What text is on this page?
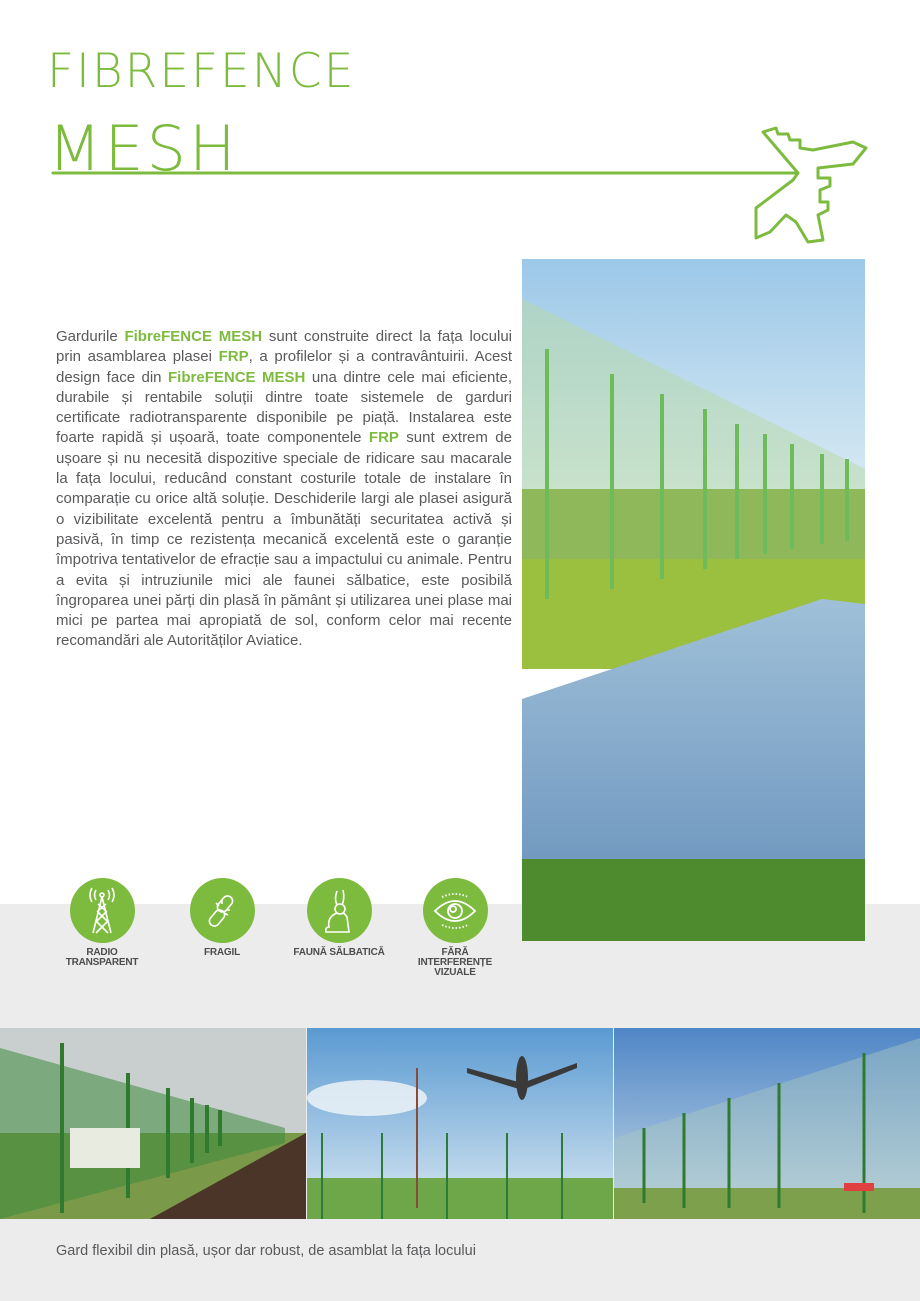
FIBREFENCE
MESH
Gardurile FibreFENCE MESH sunt construite direct la fața locului prin asamblarea plasei FRP, a profilelor și a contravântuirii. Acest design face din FibreFENCE MESH una dintre cele mai eficiente, durabile și rentabile soluții dintre toate sistemele de garduri certificate radiotransparente disponibile pe piață. Instalarea este foarte rapidă și ușoară, toate componentele FRP sunt extrem de ușoare și nu necesită dispozitive speciale de ridicare sau macarale la fața locului, reducând constant costurile totale de instalare în comparație cu orice altă soluție. Deschiderile largi ale plasei asigură o vizibilitate excelentă pentru a îmbunătăți securitatea activă și pasivă, în timp ce rezistența mecanică excelentă este o garanție împotriva tentativelor de efracție sau a impactului cu animale. Pentru a evita și intruziunile mici ale faunei sălbatice, este posibilă îngroparea unei părți din plasă în pământ și utilizarea unei plase mai mici pe partea mai apropiată de sol, conform celor mai recente recomandări ale Autorităților Aviatice.
RADIO
TRANSPARENT
FRAGIL	FAUNĂ SĂLBATICĂ	FĂRĂ
INTERFERENȚE
VIZUALE
Gard flexibil din plasă, ușor dar robust, de asamblat la fața locului
